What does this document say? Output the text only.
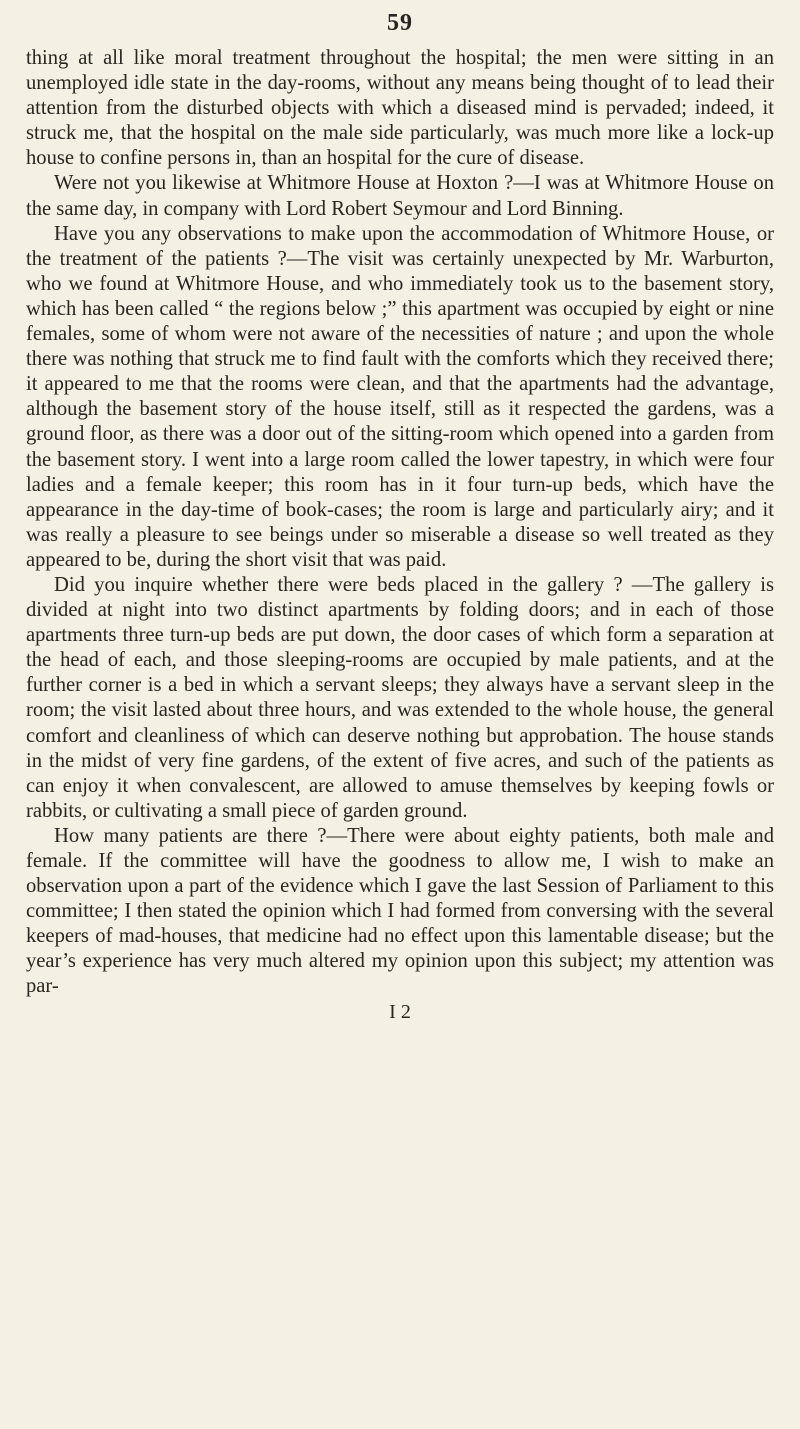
59

thing at all like moral treatment throughout the hospital; the men were sitting in an unemployed idle state in the day-rooms, without any means being thought of to lead their attention from the disturbed objects with which a diseased mind is pervaded; indeed, it struck me, that the hospital on the male side particularly, was much more like a lock-up house to confine persons in, than an hospital for the cure of disease.

Were not you likewise at Whitmore House at Hoxton ?—I was at Whitmore House on the same day, in company with Lord Robert Seymour and Lord Binning.

Have you any observations to make upon the accommodation of Whitmore House, or the treatment of the patients ?—The visit was certainly unexpected by Mr. Warburton, who we found at Whitmore House, and who immediately took us to the basement story, which has been called “ the regions below ;” this apartment was occupied by eight or nine females, some of whom were not aware of the necessities of nature ; and upon the whole there was nothing that struck me to find fault with the comforts which they received there; it appeared to me that the rooms were clean, and that the apartments had the advantage, although the basement story of the house itself, still as it respected the gardens, was a ground floor, as there was a door out of the sitting-room which opened into a garden from the basement story. I went into a large room called the lower tapestry, in which were four ladies and a female keeper; this room has in it four turn-up beds, which have the appearance in the day-time of book-cases; the room is large and particularly airy; and it was really a pleasure to see beings under so miserable a disease so well treated as they appeared to be, during the short visit that was paid.

Did you inquire whether there were beds placed in the gallery ? —The gallery is divided at night into two distinct apartments by folding doors; and in each of those apartments three turn-up beds are put down, the door cases of which form a separation at the head of each, and those sleeping-rooms are occupied by male patients, and at the further corner is a bed in which a servant sleeps; they always have a servant sleep in the room; the visit lasted about three hours, and was extended to the whole house, the general comfort and cleanliness of which can deserve nothing but approbation. The house stands in the midst of very fine gardens, of the extent of five acres, and such of the patients as can enjoy it when convalescent, are allowed to amuse themselves by keeping fowls or rabbits, or cultivating a small piece of garden ground.

How many patients are there ?—There were about eighty patients, both male and female. If the committee will have the goodness to allow me, I wish to make an observation upon a part of the evidence which I gave the last Session of Parliament to this committee; I then stated the opinion which I had formed from conversing with the several keepers of mad-houses, that medicine had no effect upon this lamentable disease; but the year’s experience has very much altered my opinion upon this subject; my attention was par-

I 2
